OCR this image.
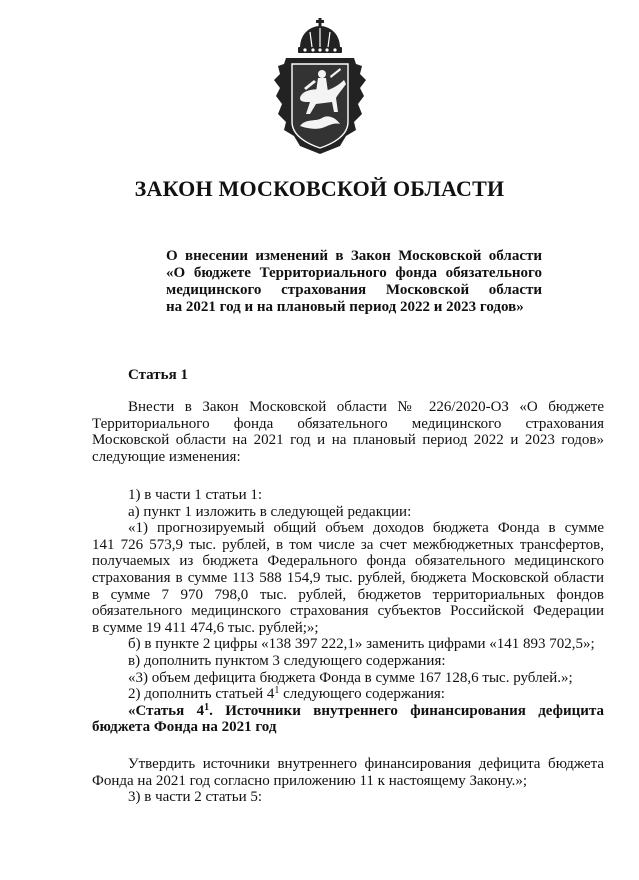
ЗАКОН МОСКОВСКОЙ ОБЛАСТИ
О внесении изменений в Закон Московской области
«О бюджете Территориального фонда обязательного
медицинского страхования Московской области
на 2021 год и на плановый период 2022 и 2023 годов»
Статья 1
Внести в Закон Московской области № 226/2020-ОЗ «О бюджете
Территориального фонда обязательного медицинского страхования
Московской области на 2021 год и на плановый период 2022 и 2023 годов»
следующие изменения:
1) в части 1 статьи 1:
а) пункт 1 изложить в следующей редакции:
«1) прогнозируемый общий объем доходов бюджета Фонда в сумме
141 726 573,9 тыс. рублей, в том числе за счет межбюджетных трансфертов,
получаемых из бюджета Федерального фонда обязательного медицинского
страхования в сумме 113 588 154,9 тыс. рублей, бюджета Московской области
в сумме 7 970 798,0 тыс. рублей, бюджетов территориальных фондов
обязательного медицинского страхования субъектов Российской Федерации
в сумме 19 411 474,6 тыс. рублей;»;
б) в пункте 2 цифры «138 397 222,1» заменить цифрами «141 893 702,5»;
в) дополнить пунктом 3 следующего содержания:
«3) объем дефицита бюджета Фонда в сумме 167 128,6 тыс. рублей.»;
2) дополнить статьей $4^1$ следующего содержания:
«Статья $4^1$. Источники внутреннего финансирования дефицита
бюджета Фонда на 2021 год
Утвердить источники внутреннего финансирования дефицита бюджета
Фонда на 2021 год согласно приложению 11 к настоящему Закону.»;
3) в части 2 статьи 5:
